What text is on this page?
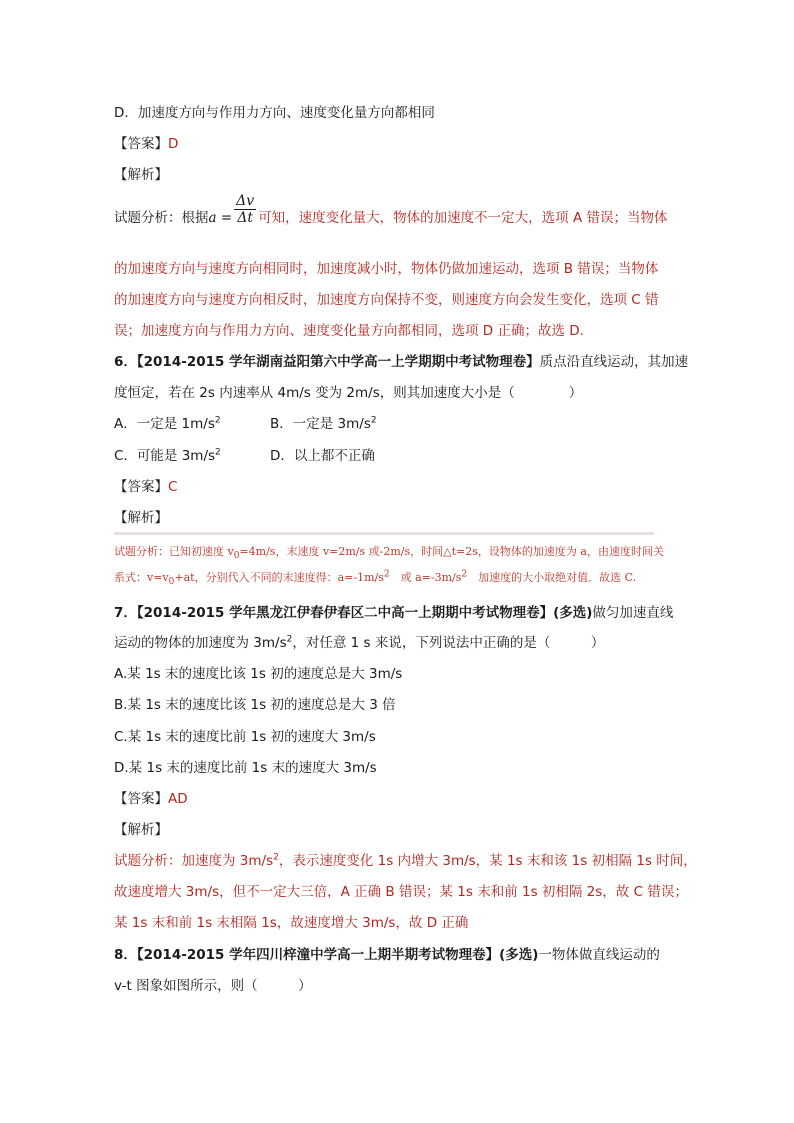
D．加速度方向与作用力方向、速度变化量方向都相同
【答案】D
【解析】
试题分析：根据$a = \frac{\Delta v}{\Delta t}$ 可知，速度变化量大，物体的加速度不一定大，选项 A 错误；当物体
的加速度方向与速度方向相同时，加速度减小时，物体仍做加速运动，选项 B 错误；当物体
的加速度方向与速度方向相反时，加速度方向保持不变，则速度方向会发生变化，选项 C 错
误；加速度方向与作用力方向、速度变化量方向都相同，选项 D 正确；故选 D.
6．【2014-2015 学年湖南益阳第六中学高一上学期期中考试物理卷】质点沿直线运动，其加速
度恒定，若在 2s 内速率从 4m/s 变为 2m/s，则其加速度大小是（　　　　）
A．一定是 $1m/s^2$	B．一定是 $3m/s^2$
C．可能是 $3m/s^2$	D．以上都不正确
【答案】C
【解析】
试题分析：已知初速度 $v_0=4m/s$，末速度 v=2m/s 或-2m/s，时间△t=2s，设物体的加速度为 a，由速度时间关
系式：$v=v_0+at$，分别代入不同的末速度得：$a=-1m/s^2$　或 $a=-3m/s^2$　加速度的大小取绝对值．故选 C.
7．【2014-2015 学年黑龙江伊春伊春区二中高一上期期中考试物理卷】(多选)做匀加速直线
运动的物体的加速度为 $3m/s^2$，对任意 1 s 来说，下列说法中正确的是（　　　）
A.某 1s 末的速度比该 1s 初的速度总是大 3m/s
B.某 1s 末的速度比该 1s 初的速度总是大 3 倍
C.某 1s 末的速度比前 1s 初的速度大 3m/s
D.某 1s 末的速度比前 1s 末的速度大 3m/s
【答案】AD
【解析】
试题分析：加速度为 $3m/s^2$，表示速度变化 1s 内增大 3m/s，某 1s 末和该 1s 初相隔 1s 时间，
故速度增大 3m/s，但不一定大三倍，A 正确 B 错误；某 1s 末和前 1s 初相隔 2s，故 C 错误；
某 1s 末和前 1s 末相隔 1s，故速度增大 3m/s，故 D 正确
8．【2014-2015 学年四川梓潼中学高一上期半期考试物理卷】(多选)一物体做直线运动的
v-t 图象如图所示，则（　　　）
